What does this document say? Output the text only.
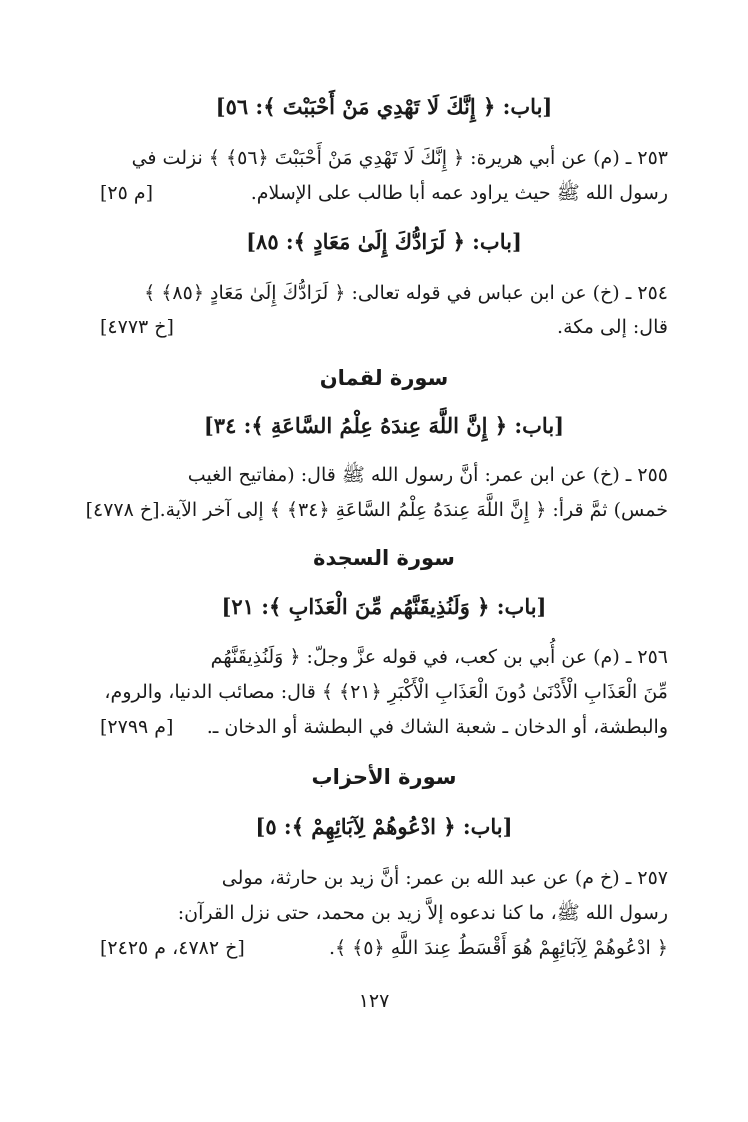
[باب: ﴿ إِنَّكَ لَا تَهْدِي مَنْ أَحْبَبْتَ ﴾: ٥٦]
٢٥٣ ـ (م) عن أبي هريرة: ﴿ إِنَّكَ لَا تَهْدِي مَنْ أَحْبَبْتَ ﴿٥٦﴾ ﴾ نزلت في
رسول الله ﷺ حيث يراود عمه أبا طالب على الإسلام.
[م ٢٥]
[باب: ﴿ لَرَادُّكَ إِلَىٰ مَعَادٍ ﴾: ٨٥]
٢٥٤ ـ (خ) عن ابن عباس في قوله تعالى: ﴿ لَرَادُّكَ إِلَىٰ مَعَادٍ ﴿٨٥﴾ ﴾
قال: إلى مكة.
[خ ٤٧٧٣]
سورة لقمان
[باب: ﴿ إِنَّ اللَّهَ عِندَهُ عِلْمُ السَّاعَةِ ﴾: ٣٤]
٢٥٥ ـ (خ) عن ابن عمر: أنَّ رسول الله ﷺ قال: (مفاتيح الغيب
خمس) ثمَّ قرأ: ﴿ إِنَّ اللَّهَ عِندَهُ عِلْمُ السَّاعَةِ ﴿٣٤﴾ ﴾ إلى آخر الآية.
[خ ٤٧٧٨]
سورة السجدة
[باب: ﴿ وَلَنُذِيقَنَّهُم مِّنَ الْعَذَابِ ﴾: ٢١]
٢٥٦ ـ (م) عن أُبي بن كعب، في قوله عزَّ وجلّ: ﴿ وَلَنُذِيقَنَّهُم
مِّنَ الْعَذَابِ الْأَدْنَىٰ دُونَ الْعَذَابِ الْأَكْبَرِ ﴿٢١﴾ ﴾ قال: مصائب الدنيا، والروم،
والبطشة، أو الدخان ـ شعبة الشاك في البطشة أو الدخان ـ.
[م ٢٧٩٩]
سورة الأحزاب
[باب: ﴿ ادْعُوهُمْ لِآبَائِهِمْ ﴾: ٥]
٢٥٧ ـ (خ م) عن عبد الله بن عمر: أنَّ زيد بن حارثة، مولى
رسول الله ﷺ، ما كنا ندعوه إلاَّ زيد بن محمد، حتى نزل القرآن:
﴿ ادْعُوهُمْ لِآبَائِهِمْ هُوَ أَقْسَطُ عِندَ اللَّهِ ﴿٥﴾ ﴾.
[خ ٤٧٨٢، م ٢٤٢٥]
١٢٧
